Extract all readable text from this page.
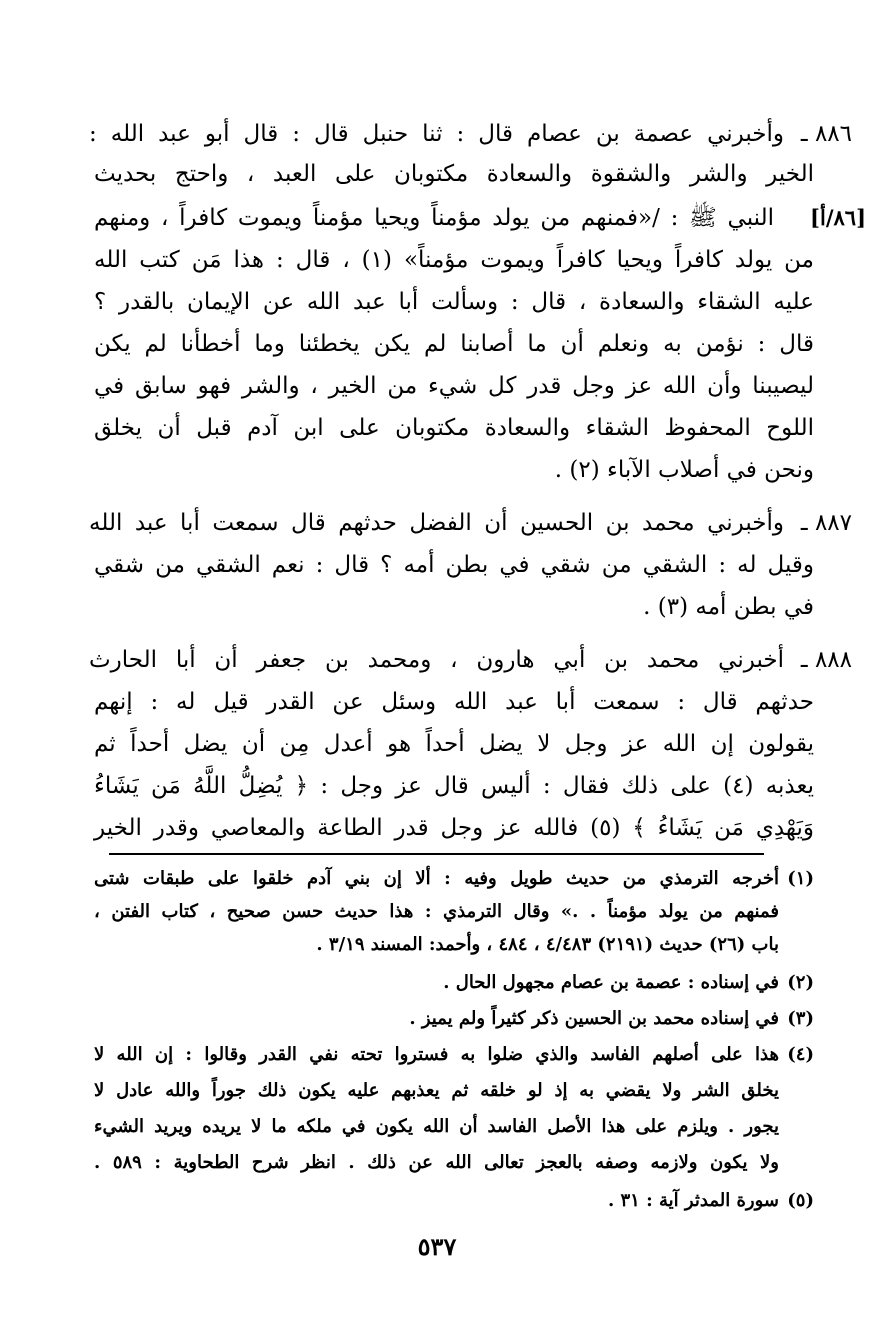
٨٨٦ ـ
وأخبرني عصمة بن عصام قال : ثنا حنبل قال : قال أبو عبد الله :
الخير والشر والشقوة والسعادة مكتوبان على العبد ، واحتج بحديث
النبي ﷺ : /«فمنهم من يولد مؤمناً ويحيا مؤمناً ويموت كافراً ، ومنهم [٨٦/أ]
من يولد كافراً ويحيا كافراً ويموت مؤمناً» (١) ، قال : هذا مَن كتب الله
عليه الشقاء والسعادة ، قال : وسألت أبا عبد الله عن الإيمان بالقدر ؟
قال : نؤمن به ونعلم أن ما أصابنا لم يكن يخطئنا وما أخطأنا لم يكن
ليصيبنا وأن الله عز وجل قدر كل شيء من الخير ، والشر فهو سابق في
اللوح المحفوظ الشقاء والسعادة مكتوبان على ابن آدم قبل أن يخلق
ونحن في أصلاب الآباء (٢) .
٨٨٧ ـ
وأخبرني محمد بن الحسين أن الفضل حدثهم قال سمعت أبا عبد الله
وقيل له : الشقي من شقي في بطن أمه ؟ قال : نعم الشقي من شقي
في بطن أمه (٣) .
٨٨٨ ـ
أخبرني محمد بن أبي هارون ، ومحمد بن جعفر أن أبا الحارث
حدثهم قال : سمعت أبا عبد الله وسئل عن القدر قيل له : إنهم
يقولون إن الله عز وجل لا يضل أحداً هو أعدل مِن أن يضل أحداً ثم
يعذبه (٤) على ذلك فقال : أليس قال عز وجل : ﴿ يُضِلُّ اللَّهُ مَن يَشَاءُ
وَيَهْدِي مَن يَشَاءُ ﴾ (٥) فالله عز وجل قدر الطاعة والمعاصي وقدر الخير
(١)
أخرجه الترمذي من حديث طويل وفيه : ألا إن بني آدم خلقوا على طبقات شتى
فمنهم من يولد مؤمناً . .» وقال الترمذي : هذا حديث حسن صحيح ، كتاب الفتن ،
باب (٢٦) حديث (٢١٩١) ٤/٤٨٣ ، ٤٨٤ ، وأحمد: المسند ٣/١٩ .
(٢)
في إسناده : عصمة بن عصام مجهول الحال .
(٣)
في إسناده محمد بن الحسين ذكر كثيراً ولم يميز .
(٤)
هذا على أصلهم الفاسد والذي ضلوا به فستروا تحته نفي القدر وقالوا : إن الله لا
يخلق الشر ولا يقضي به إذ لو خلقه ثم يعذبهم عليه يكون ذلك جوراً والله عادل لا
يجور . ويلزم على هذا الأصل الفاسد أن الله يكون في ملكه ما لا يريده ويريد الشيء
ولا يكون ولازمه وصفه بالعجز تعالى الله عن ذلك . انظر شرح الطحاوية : ٥٨٩ .
(٥)
سورة المدثر آية : ٣١ .
٥٣٧
